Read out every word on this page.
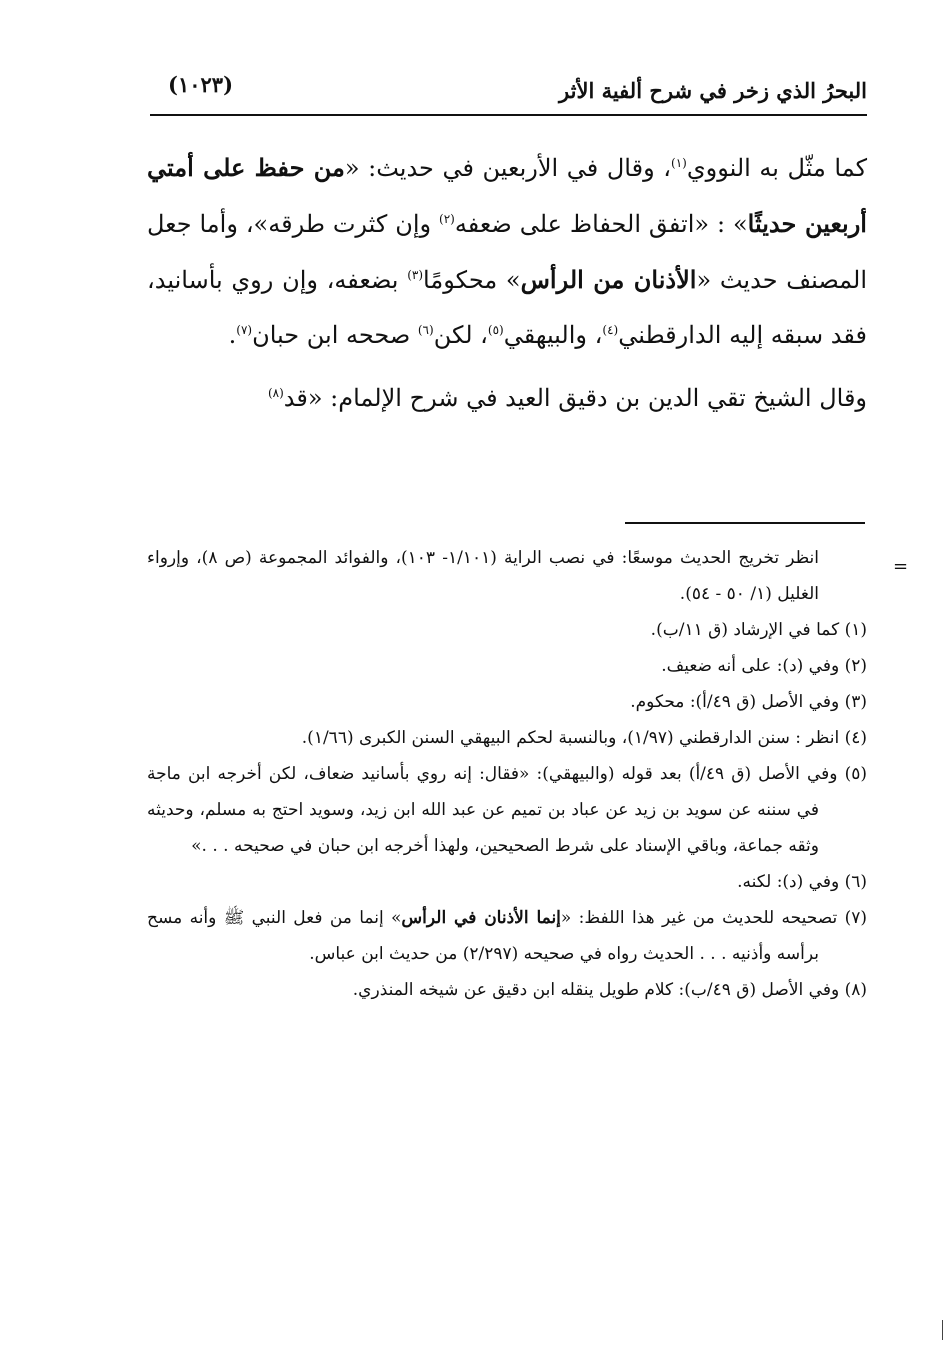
البحرُ الذي زخر في شرح ألفية الأثر
(١٠٢٣)

كما مثّل به النووي$^{(١)}$، وقال في الأربعين في حديث: «من حفظ على أمتي أربعين حديثًا» : «اتفق الحفاظ على ضعفه$^{(٢)}$ وإن كثرت طرقه»، وأما جعل المصنف حديث «الأذنان من الرأس» محكومًا$^{(٣)}$ بضعفه، وإن روي بأسانيد، فقد سبقه إليه الدارقطني$^{(٤)}$، والبيهقي$^{(٥)}$، لكن$^{(٦)}$ صححه ابن حبان$^{(٧)}$.

وقال الشيخ تقي الدين بن دقيق العيد في شرح الإلمام: «قد$^{(٨)}$

=

انظر تخريج الحديث موسعًا: في نصب الراية (١/١٠١- ١٠٣)، والفوائد المجموعة (ص ٨)، وإرواء الغليل (١/ ٥٠ - ٥٤).

(١) كما في الإرشاد (ق ١١/ب).

(٢) وفي (د): على أنه ضعيف.

(٣) وفي الأصل (ق ٤٩/أ): محكوم.

(٤) انظر : سنن الدارقطني (١/٩٧)، وبالنسبة لحكم البيهقي السنن الكبرى (١/٦٦).

(٥) وفي الأصل (ق ٤٩/أ) بعد قوله (والبيهقي): «فقال: إنه روي بأسانيد ضعاف، لكن أخرجه ابن ماجة في سننه عن سويد بن زيد عن عباد بن تميم عن عبد الله ابن زيد، وسويد احتج به مسلم، وحديثه وثقه جماعة، وباقي الإسناد على شرط الصحيحين، ولهذا أخرجه ابن حبان في صحيحه . . .»

(٦) وفي (د): لكنه.

(٧) تصحيحه للحديث من غير هذا اللفظ: «إنما الأذنان في الرأس» إنما من فعل النبي ﷺ وأنه مسح برأسه وأذنيه . . . الحديث رواه في صحيحه (٢/٢٩٧) من حديث ابن عباس.

(٨) وفي الأصل (ق ٤٩/ب): كلام طويل ينقله ابن دقيق عن شيخه المنذري.
